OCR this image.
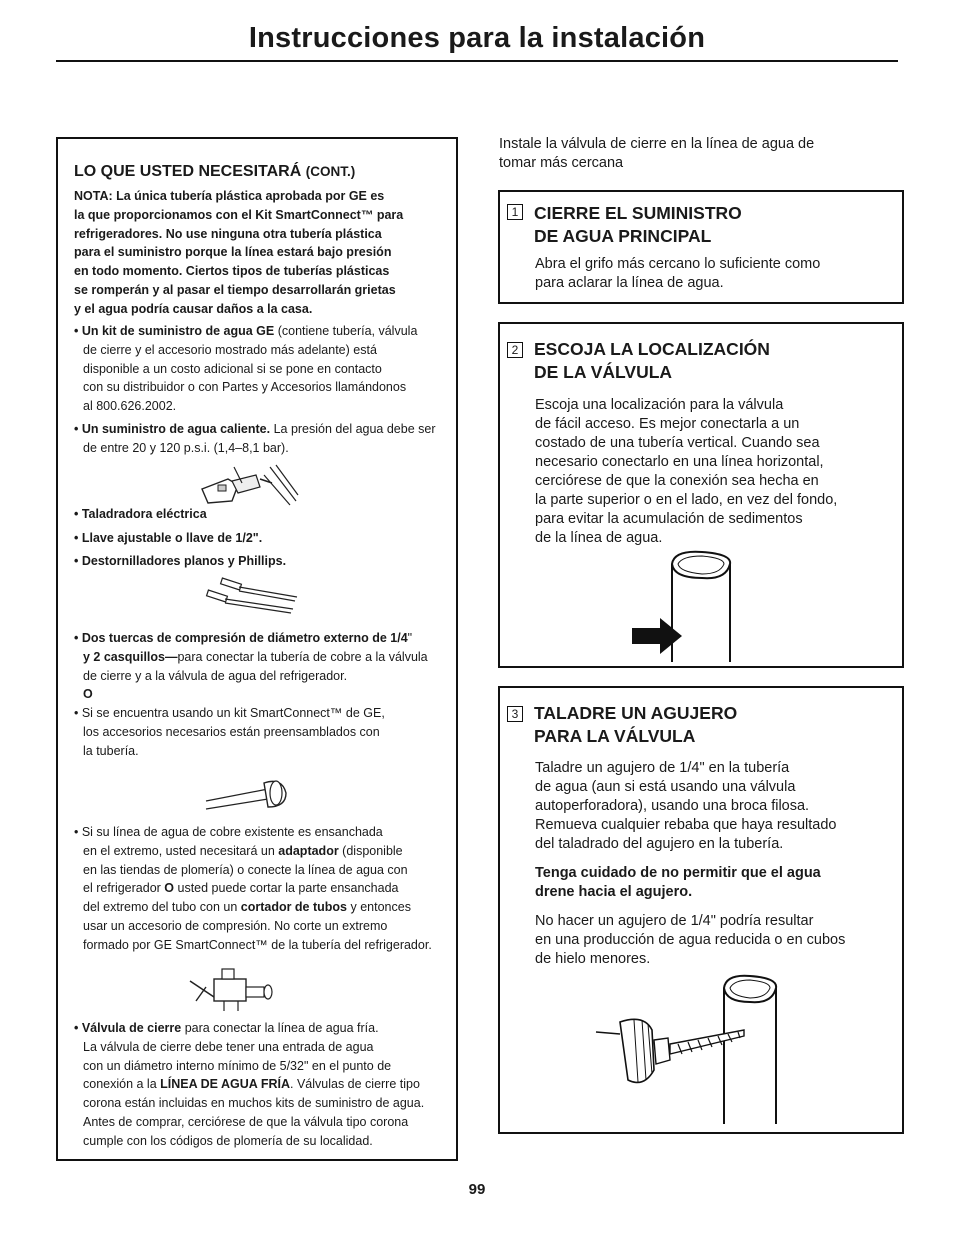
Instrucciones para la instalación
LO QUE USTED NECESITARÁ (CONT.)
NOTA: La única tubería plástica aprobada por GE es
la que proporcionamos con el Kit SmartConnect™ para
refrigeradores. No use ninguna otra tubería plástica
para el suministro porque la línea estará bajo presión
en todo momento. Ciertos tipos de tuberías plásticas
se romperán y al pasar el tiempo desarrollarán grietas
y el agua podría causar daños a la casa.
• Un kit de suministro de agua GE (contiene tubería, válvula
de cierre y el accesorio mostrado más adelante) está
disponible a un costo adicional si se pone en contacto
con su distribuidor o con Partes y Accesorios llamándonos
al 800.626.2002.
• Un suministro de agua caliente. La presión del agua debe ser
de entre 20 y 120 p.s.i. (1,4–8,1 bar).
• Taladradora eléctrica
• Llave ajustable o llave de 1/2".
• Destornilladores planos y Phillips.
• Dos tuercas de compresión de diámetro externo de 1/4"
y 2 casquillos—para conectar la tubería de cobre a la válvula
de cierre y a la válvula de agua del refrigerador.
O
• Si se encuentra usando un kit SmartConnect™ de GE,
los accesorios necesarios están preensamblados con
la tubería.
• Si su línea de agua de cobre existente es ensanchada
en el extremo, usted necesitará un adaptador (disponible
en las tiendas de plomería) o conecte la línea de agua con
el refrigerador O usted puede cortar la parte ensanchada
del extremo del tubo con un cortador de tubos y entonces
usar un accesorio de compresión. No corte un extremo
formado por GE SmartConnect™ de la tubería del refrigerador.
• Válvula de cierre para conectar la línea de agua fría.
La válvula de cierre debe tener una entrada de agua
con un diámetro interno mínimo de 5/32" en el punto de
conexión a la LÍNEA DE AGUA FRÍA. Válvulas de cierre tipo
corona están incluidas en muchos kits de suministro de agua.
Antes de comprar, cerciórese de que la válvula tipo corona
cumple con los códigos de plomería de su localidad.
Instale la válvula de cierre en la línea de agua de
tomar más cercana
1 CIERRE EL SUMINISTRO
DE AGUA PRINCIPAL
Abra el grifo más cercano lo suficiente como
para aclarar la línea de agua.
2 ESCOJA LA LOCALIZACIÓN
DE LA VÁLVULA
Escoja una localización para la válvula
de fácil acceso. Es mejor conectarla a un
costado de una tubería vertical. Cuando sea
necesario conectarlo en una línea horizontal,
cerciórese de que la conexión sea hecha en
la parte superior o en el lado, en vez del fondo,
para evitar la acumulación de sedimentos
de la línea de agua.
3 TALADRE UN AGUJERO
PARA LA VÁLVULA

Taladre un agujero de 1/4" en la tubería
de agua (aun si está usando una válvula
autoperforadora), usando una broca filosa.
Remueva cualquier rebaba que haya resultado
del taladrado del agujero en la tubería.

Tenga cuidado de no permitir que el agua
drene hacia el agujero.

No hacer un agujero de 1/4" podría resultar
en una producción de agua reducida o en cubos
de hielo menores.

99
